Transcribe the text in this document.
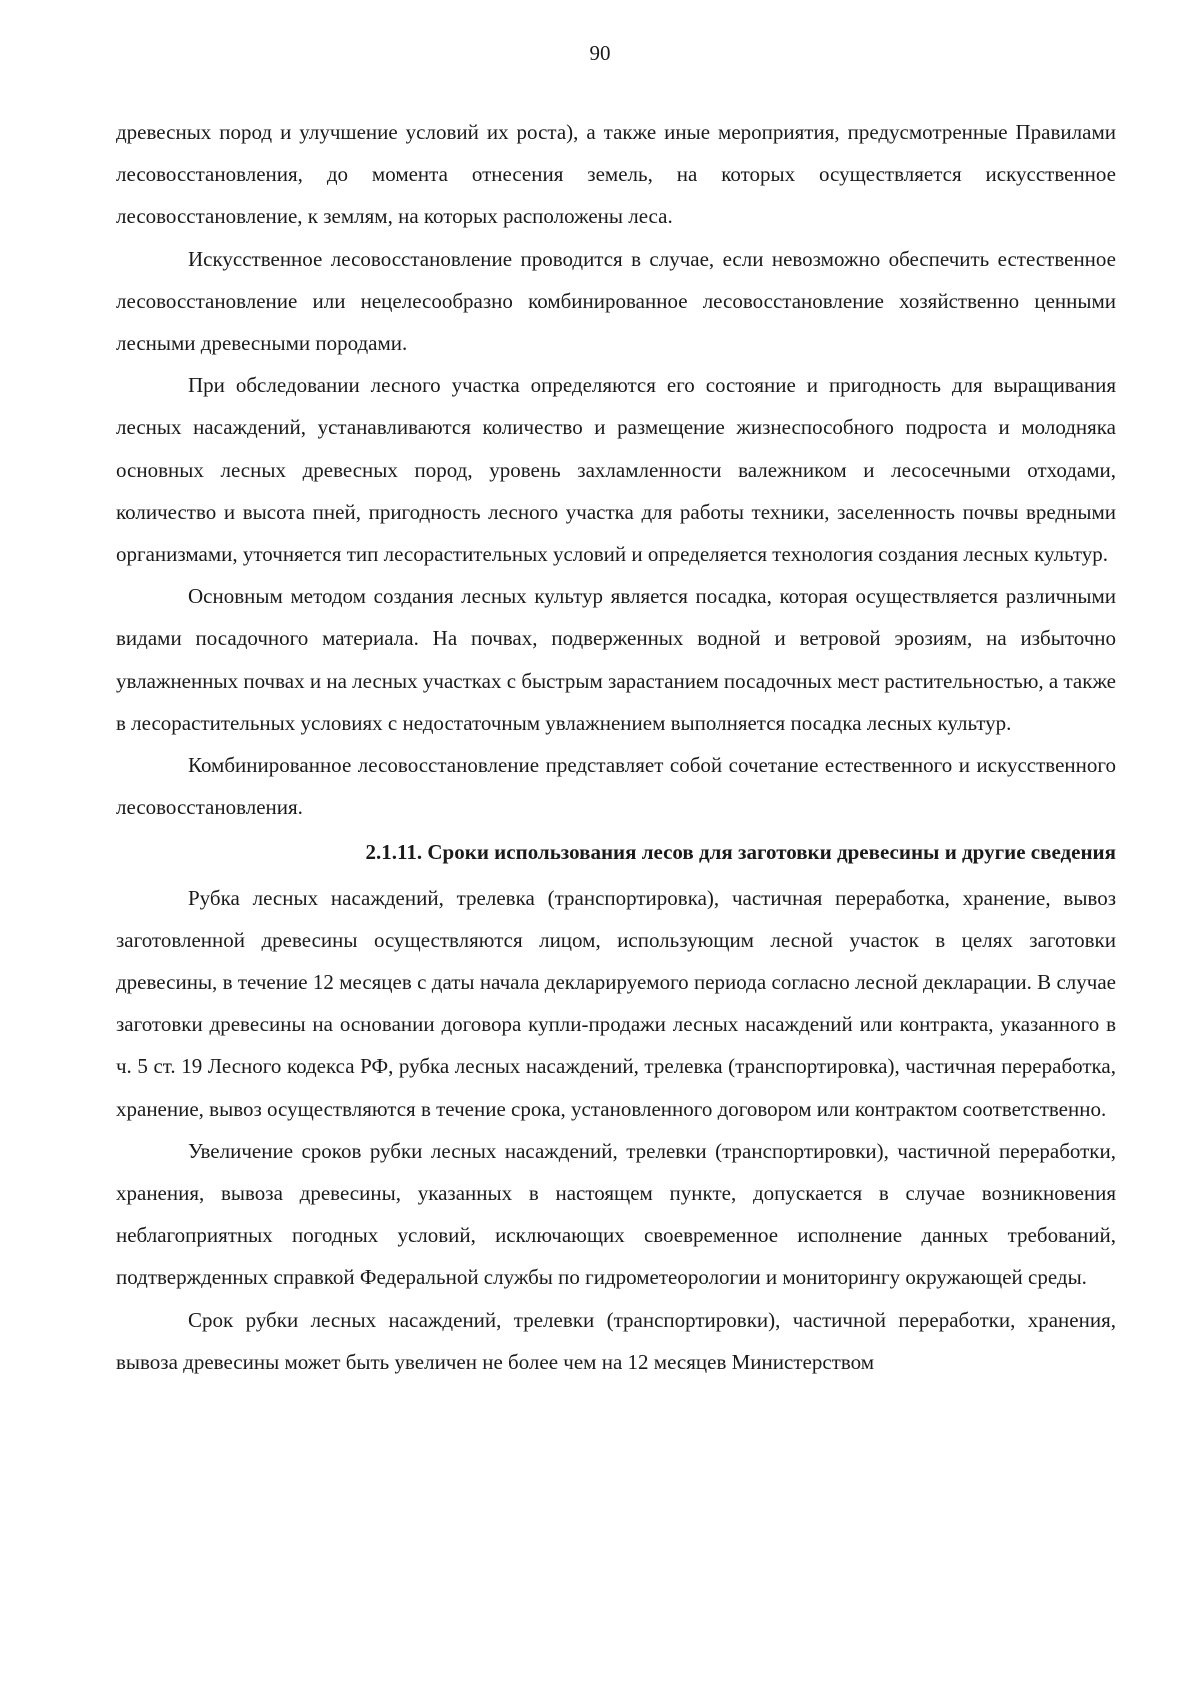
90

древесных пород и улучшение условий их роста), а также иные мероприятия, предусмотренные Правилами лесовосстановления, до момента отнесения земель, на которых осуществляется искусственное лесовосстановление, к землям, на которых расположены леса.

Искусственное лесовосстановление проводится в случае, если невозможно обеспечить естественное лесовосстановление или нецелесообразно комбинированное лесовосстановление хозяйственно ценными лесными древесными породами.

При обследовании лесного участка определяются его состояние и пригодность для выращивания лесных насаждений, устанавливаются количество и размещение жизнеспособного подроста и молодняка основных лесных древесных пород, уровень захламленности валежником и лесосечными отходами, количество и высота пней, пригодность лесного участка для работы техники, заселенность почвы вредными организмами, уточняется тип лесорастительных условий и определяется технология создания лесных культур.

Основным методом создания лесных культур является посадка, которая осуществляется различными видами посадочного материала. На почвах, подверженных водной и ветровой эрозиям, на избыточно увлажненных почвах и на лесных участках с быстрым зарастанием посадочных мест растительностью, а также в лесорастительных условиях с недостаточным увлажнением выполняется посадка лесных культур.

Комбинированное лесовосстановление представляет собой сочетание естественного и искусственного лесовосстановления.

2.1.11. Сроки использования лесов для заготовки древесины и другие сведения

Рубка лесных насаждений, трелевка (транспортировка), частичная переработка, хранение, вывоз заготовленной древесины осуществляются лицом, использующим лесной участок в целях заготовки древесины, в течение 12 месяцев с даты начала декларируемого периода согласно лесной декларации. В случае заготовки древесины на основании договора купли-продажи лесных насаждений или контракта, указанного в ч. 5 ст. 19 Лесного кодекса РФ, рубка лесных насаждений, трелевка (транспортировка), частичная переработка, хранение, вывоз осуществляются в течение срока, установленного договором или контрактом соответственно.

Увеличение сроков рубки лесных насаждений, трелевки (транспортировки), частичной переработки, хранения, вывоза древесины, указанных в настоящем пункте, допускается в случае возникновения неблагоприятных погодных условий, исключающих своевременное исполнение данных требований, подтвержденных справкой Федеральной службы по гидрометеорологии и мониторингу окружающей среды.

Срок рубки лесных насаждений, трелевки (транспортировки), частичной переработки, хранения, вывоза древесины может быть увеличен не более чем на 12 месяцев Министерством
